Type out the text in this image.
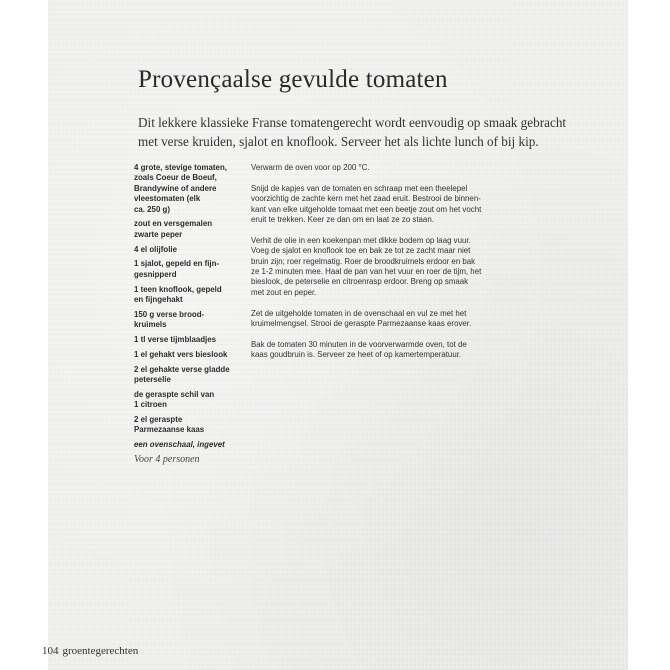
Provençaalse gevulde tomaten
Dit lekkere klassieke Franse tomatengerecht wordt eenvoudig op smaak gebracht
met verse kruiden, sjalot en knoflook. Serveer het als lichte lunch of bij kip.
4 grote, stevige tomaten,
zoals Coeur de Boeuf,
Brandywine of andere
vleestomaten (elk
ca. 250 g)
zout en versgemalen
zwarte peper
4 el olijfolie
1 sjalot, gepeld en fijn-
gesnipperd
1 teen knoflook, gepeld
en fijngehakt
150 g verse brood-
kruimels
1 tl verse tijmblaadjes
1 el gehakt vers bieslook
2 el gehakte verse gladde
peterselie
de geraspte schil van
1 citroen
2 el geraspte
Parmezaanse kaas
een ovenschaal, ingevet
Voor 4 personen
Verwarm de oven voor op 200 °C.
Snijd de kapjes van de tomaten en schraap met een theelepel
voorzichtig de zachte kern met het zaad eruit. Bestrooi de binnen-
kant van elke uitgeholde tomaat met een beetje zout om het vocht
eruit te trekken. Keer ze dan om en laat ze zo staan.
Verhit de olie in een koekenpan met dikke bodem op laag vuur.
Voeg de sjalot en knoflook toe en bak ze tot ze zacht maar niet
bruin zijn; roer regelmatig. Roer de broodkruimels erdoor en bak
ze 1-2 minuten mee. Haal de pan van het vuur en roer de tijm, het
bieslook, de peterselie en citroenrasp erdoor. Breng op smaak
met zout en peper.
Zet de uitgeholde tomaten in de ovenschaal en vul ze met het
kruimelmengsel. Strooi de geraspte Parmezaanse kaas erover.
Bak de tomaten 30 minuten in de voorverwarmde oven, tot de
kaas goudbruin is. Serveer ze heet of op kamertemperatuur.
104 groentegerechten
